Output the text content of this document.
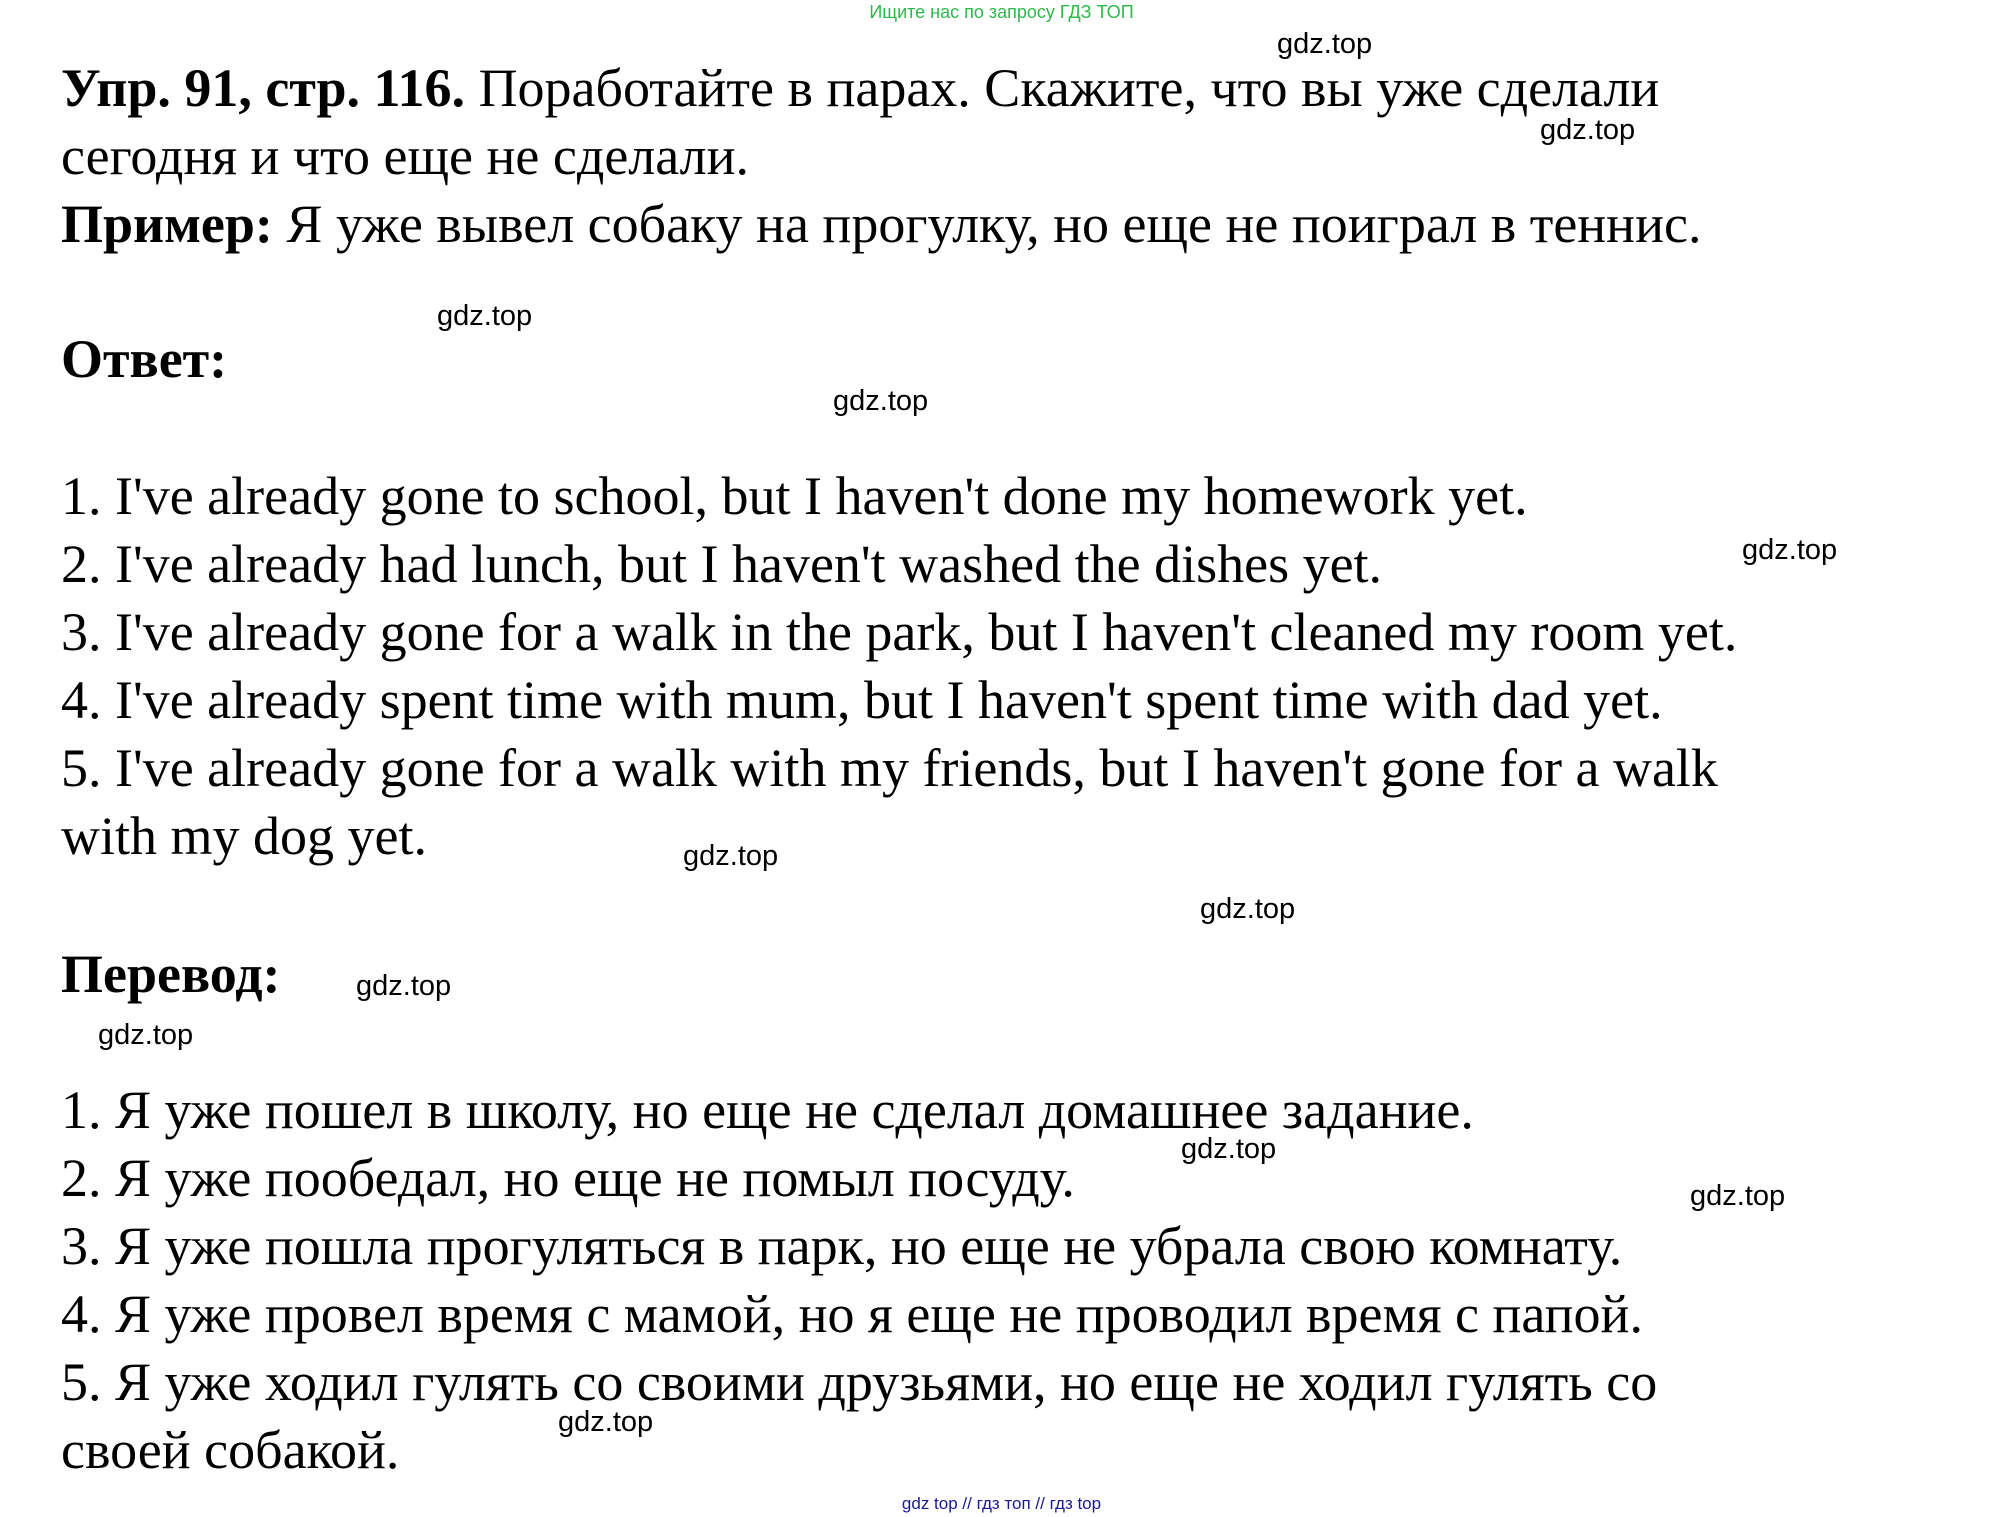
Ищите нас по запросу ГДЗ ТОП
Упр. 91, стр. 116. Поработайте в парах. Скажите, что вы уже сделали
сегодня и что еще не сделали.
Пример: Я уже вывел собаку на прогулку, но еще не поиграл в теннис.
Ответ:
1. I've already gone to school, but I haven't done my homework yet.
2. I've already had lunch, but I haven't washed the dishes yet.
3. I've already gone for a walk in the park, but I haven't cleaned my room yet.
4. I've already spent time with mum, but I haven't spent time with dad yet.
5. I've already gone for a walk with my friends, but I haven't gone for a walk
with my dog yet.
Перевод:
1. Я уже пошел в школу, но еще не сделал домашнее задание.
2. Я уже пообедал, но еще не помыл посуду.
3. Я уже пошла прогуляться в парк, но еще не убрала свою комнату.
4. Я уже провел время с мамой, но я еще не проводил время с папой.
5. Я уже ходил гулять со своими друзьями, но еще не ходил гулять со
своей собакой.
gdz.top
gdz.top
gdz.top
gdz.top
gdz.top
gdz.top
gdz.top
gdz.top
gdz.top
gdz.top
gdz.top
gdz.top
gdz top // гдз топ // гдз top
